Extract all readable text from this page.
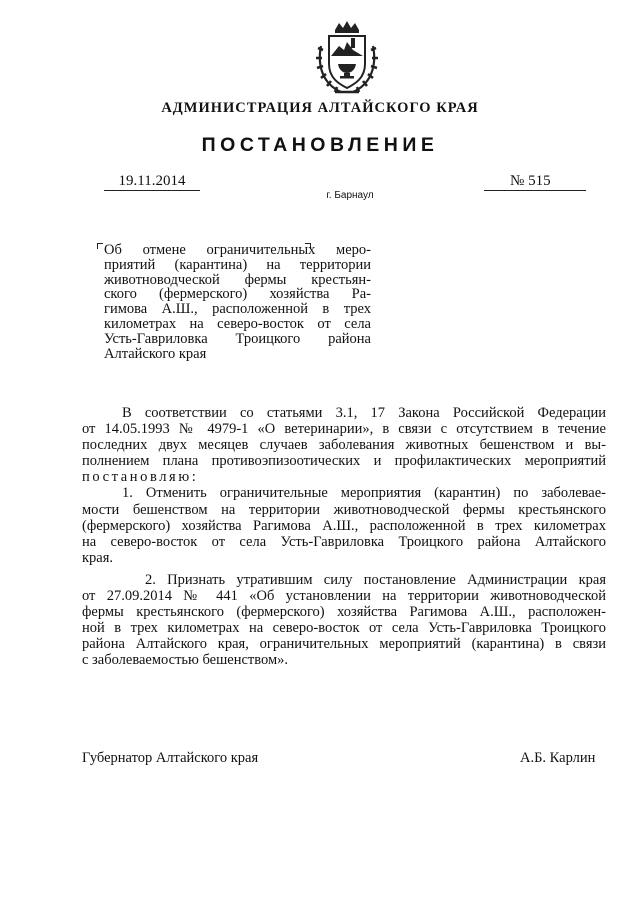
АДМИНИСТРАЦИЯ АЛТАЙСКОГО КРАЯ
ПОСТАНОВЛЕНИЕ
19.11.2014	№ 515
г. Барнаул
Об отмене ограничительных меро-
приятий (карантина) на территории
животноводческой фермы крестьян-
ского (фермерского) хозяйства Ра-
гимова А.Ш., расположенной в трех
километрах на северо-восток от села
Усть-Гавриловка Троицкого района
Алтайского края
В соответствии со статьями 3.1, 17 Закона Российской Федерации
от 14.05.1993 № 4979-1 «О ветеринарии», в связи с отсутствием в течение
последних двух месяцев случаев заболевания животных бешенством и вы-
полнением плана противоэпизоотических и профилактических мероприятий
постановляю:
1. Отменить ограничительные мероприятия (карантин) по заболевае-
мости бешенством на территории животноводческой фермы крестьянского
(фермерского) хозяйства Рагимова А.Ш., расположенной в трех километрах
на северо-восток от села Усть-Гавриловка Троицкого района Алтайского
края.
2. Признать утратившим силу постановление Администрации края
от 27.09.2014 № 441 «Об установлении на территории животноводческой
фермы крестьянского (фермерского) хозяйства Рагимова А.Ш., расположен-
ной в трех километрах на северо-восток от села Усть-Гавриловка Троицкого
района Алтайского края, ограничительных мероприятий (карантина) в связи
с заболеваемостью бешенством».
Губернатор Алтайского края	А.Б. Карлин
